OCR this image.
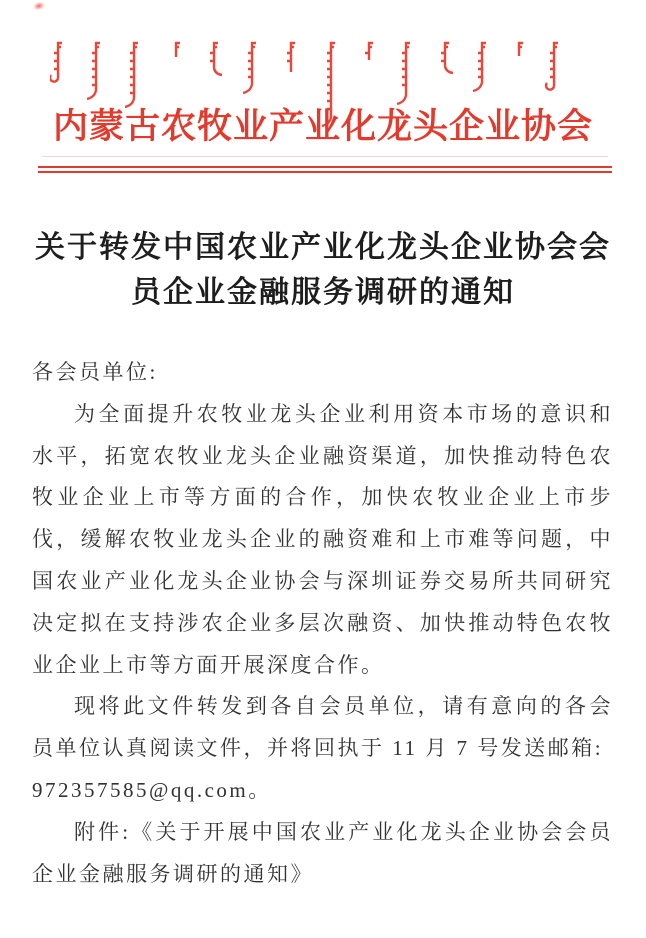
内蒙古农牧业产业化龙头企业协会
关于转发中国农业产业化龙头企业协会会
员企业金融服务调研的通知

各会员单位:

为全面提升农牧业龙头企业利用资本市场的意识和水平，拓宽农牧业龙头企业融资渠道，加快推动特色农牧业企业上市等方面的合作，加快农牧业企业上市步伐，缓解农牧业龙头企业的融资难和上市难等问题，中国农业产业化龙头企业协会与深圳证券交易所共同研究决定拟在支持涉农企业多层次融资、加快推动特色农牧业企业上市等方面开展深度合作。

现将此文件转发到各自会员单位，请有意向的各会员单位认真阅读文件，并将回执于 11 月 7 号发送邮箱:

972357585@qq.com。

附件:《关于开展中国农业产业化龙头企业协会会员企业金融服务调研的通知》
